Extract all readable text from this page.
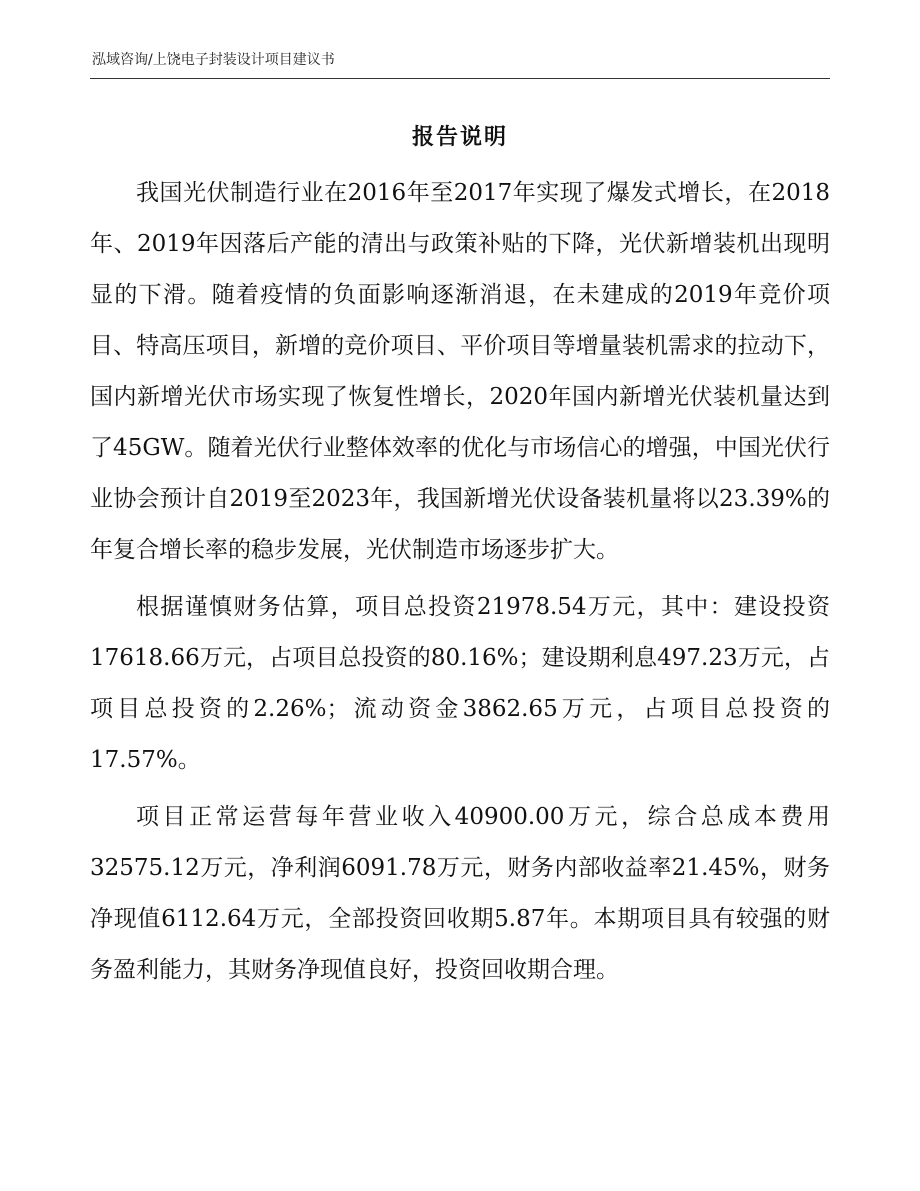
泓域咨询/上饶电子封装设计项目建议书
报告说明

我国光伏制造行业在2016年至2017年实现了爆发式增长，在2018年、2019年因落后产能的清出与政策补贴的下降，光伏新增装机出现明显的下滑。随着疫情的负面影响逐渐消退，在未建成的2019年竞价项目、特高压项目，新增的竞价项目、平价项目等增量装机需求的拉动下，国内新增光伏市场实现了恢复性增长，2020年国内新增光伏装机量达到了45GW。随着光伏行业整体效率的优化与市场信心的增强，中国光伏行业协会预计自2019至2023年，我国新增光伏设备装机量将以23.39%的年复合增长率的稳步发展，光伏制造市场逐步扩大。

根据谨慎财务估算，项目总投资21978.54万元，其中：建设投资17618.66万元，占项目总投资的80.16%；建设期利息497.23万元，占项目总投资的2.26%；流动资金3862.65万元，占项目总投资的17.57%。

项目正常运营每年营业收入40900.00万元，综合总成本费用32575.12万元，净利润6091.78万元，财务内部收益率21.45%，财务净现值6112.64万元，全部投资回收期5.87年。本期项目具有较强的财务盈利能力，其财务净现值良好，投资回收期合理。
